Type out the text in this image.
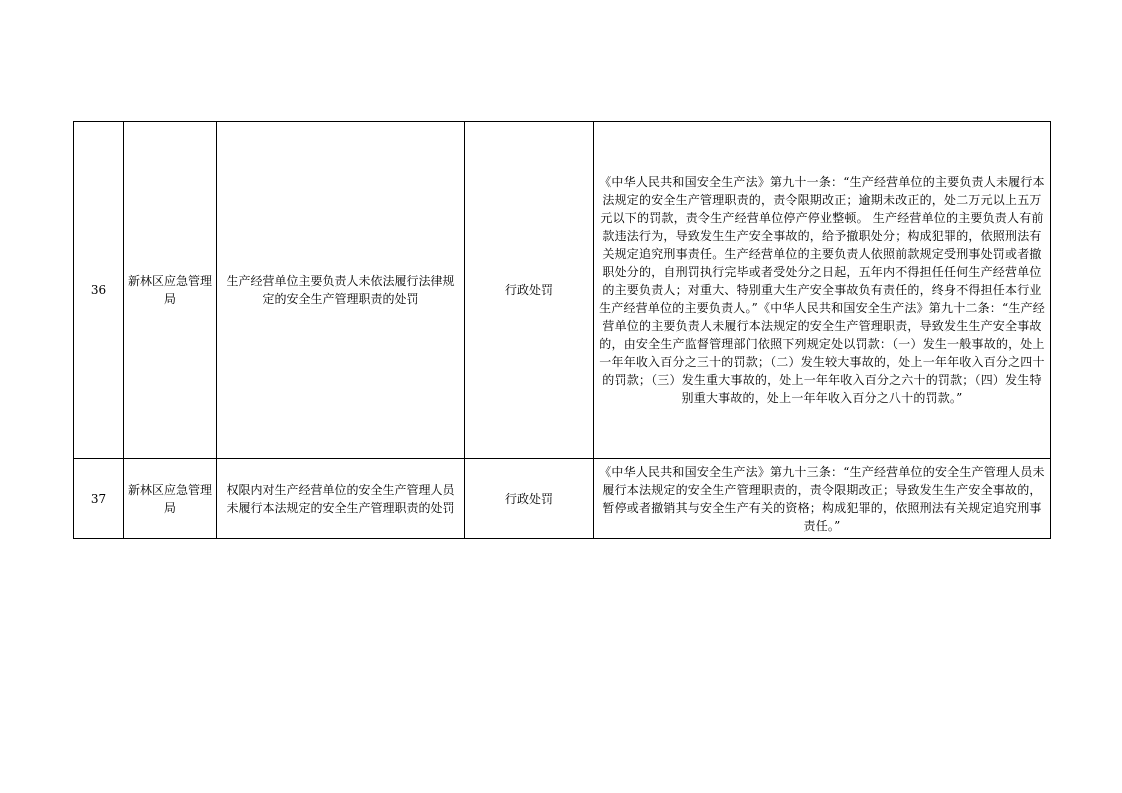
36	新林区应急管理局	生产经营单位主要负责人未依法履行法律规定的安全生产管理职责的处罚	行政处罚	《中华人民共和国安全生产法》第九十一条：“生产经营单位的主要负责人未履行本法规定的安全生产管理职责的，责令限期改正；逾期未改正的，处二万元以上五万元以下的罚款，责令生产经营单位停产停业整顿。 生产经营单位的主要负责人有前款违法行为，导致发生生产安全事故的，给予撤职处分；构成犯罪的，依照刑法有关规定追究刑事责任。生产经营单位的主要负责人依照前款规定受刑事处罚或者撤职处分的，自刑罚执行完毕或者受处分之日起，五年内不得担任任何生产经营单位的主要负责人；对重大、特别重大生产安全事故负有责任的，终身不得担任本行业生产经营单位的主要负责人。”《中华人民共和国安全生产法》第九十二条：“生产经营单位的主要负责人未履行本法规定的安全生产管理职责，导致发生生产安全事故的，由安全生产监督管理部门依照下列规定处以罚款：（一）发生一般事故的，处上一年年收入百分之三十的罚款；（二）发生较大事故的，处上一年年收入百分之四十的罚款；（三）发生重大事故的，处上一年年收入百分之六十的罚款；（四）发生特别重大事故的，处上一年年收入百分之八十的罚款。”
37	新林区应急管理局	权限内对生产经营单位的安全生产管理人员未履行本法规定的安全生产管理职责的处罚	行政处罚	《中华人民共和国安全生产法》第九十三条：“生产经营单位的安全生产管理人员未履行本法规定的安全生产管理职责的，责令限期改正；导致发生生产安全事故的，暂停或者撤销其与安全生产有关的资格；构成犯罪的，依照刑法有关规定追究刑事责任。”
